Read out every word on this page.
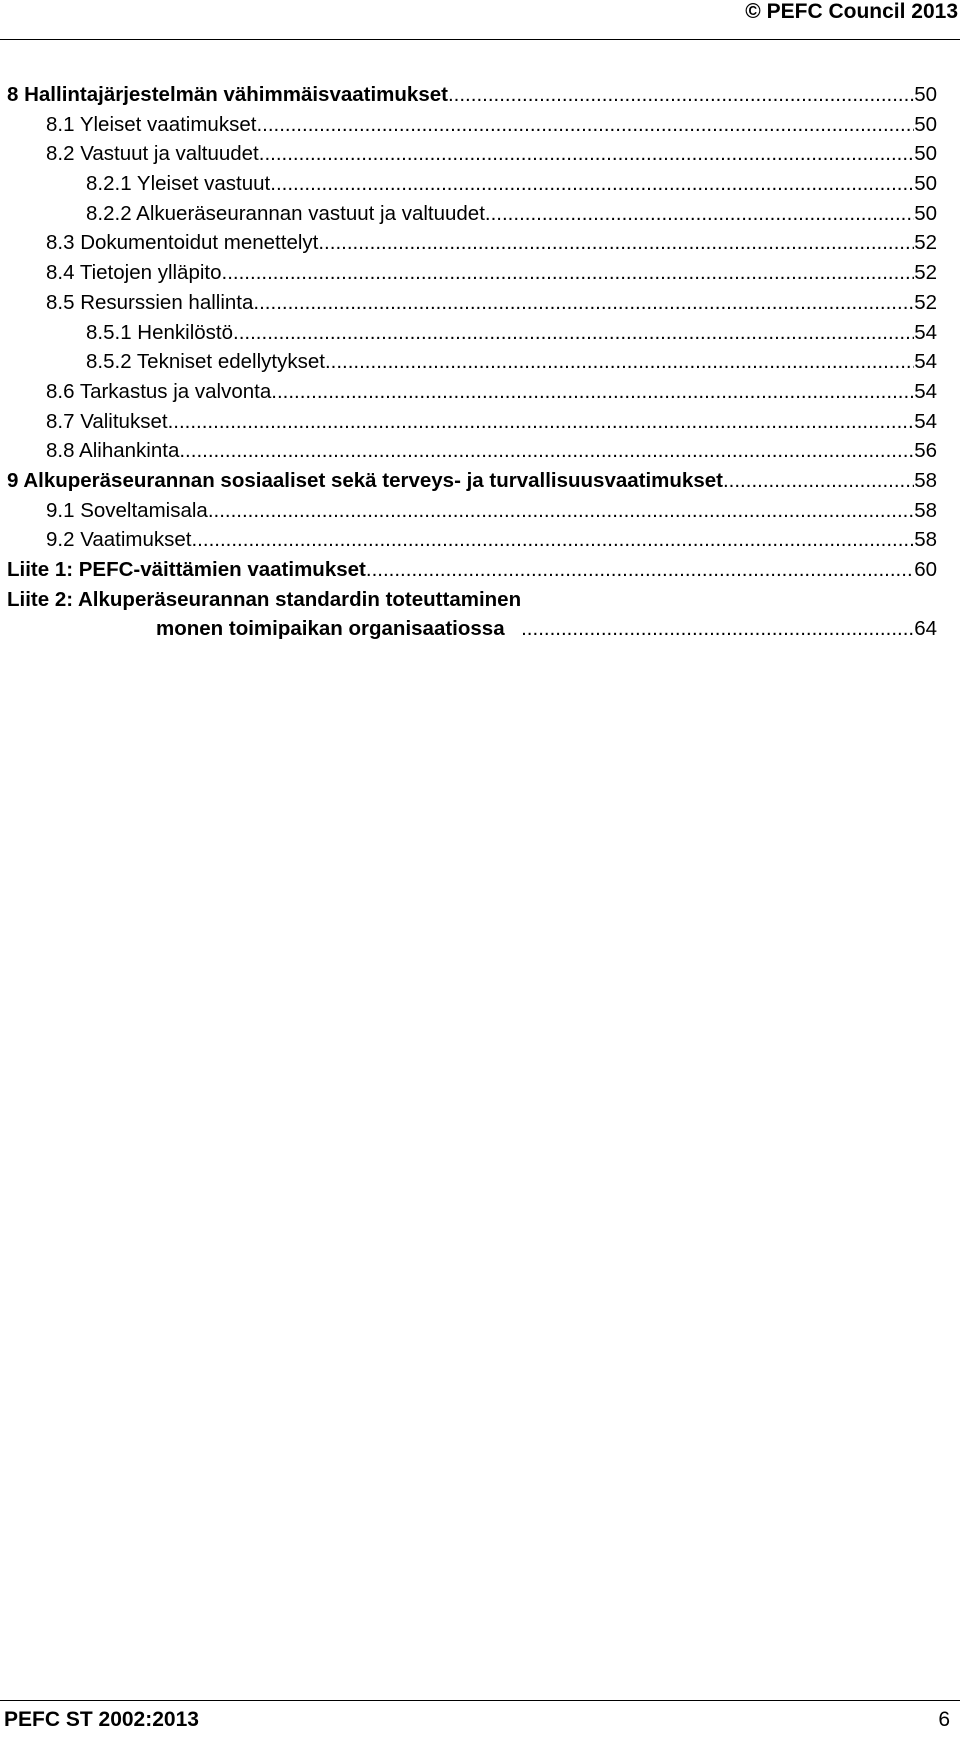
© PEFC Council 2013
8 Hallintajärjestelmän vähimmäisvaatimukset .....	50
8.1 Yleiset vaatimukset .....	50
8.2 Vastuut ja valtuudet .....	50
8.2.1 Yleiset vastuut .....	50
8.2.2 Alkueräseurannan vastuut ja valtuudet .....	50
8.3 Dokumentoidut menettelyt .....	52
8.4 Tietojen ylläpito .....	52
8.5 Resurssien hallinta .....	52
8.5.1 Henkilöstö .....	54
8.5.2 Tekniset edellytykset .....	54
8.6 Tarkastus ja valvonta .....	54
8.7 Valitukset .....	54
8.8 Alihankinta .....	56
9 Alkuperäseurannan sosiaaliset sekä terveys- ja turvallisuusvaatimukset .....	58
9.1 Soveltamisala .....	58
9.2 Vaatimukset .....	58
Liite 1: PEFC-väittämien vaatimukset .....	60
Liite 2: Alkuperäseurannan standardin toteuttaminen
monen toimipaikan organisaatiossa .....	64
PEFC ST 2002:2013	6
